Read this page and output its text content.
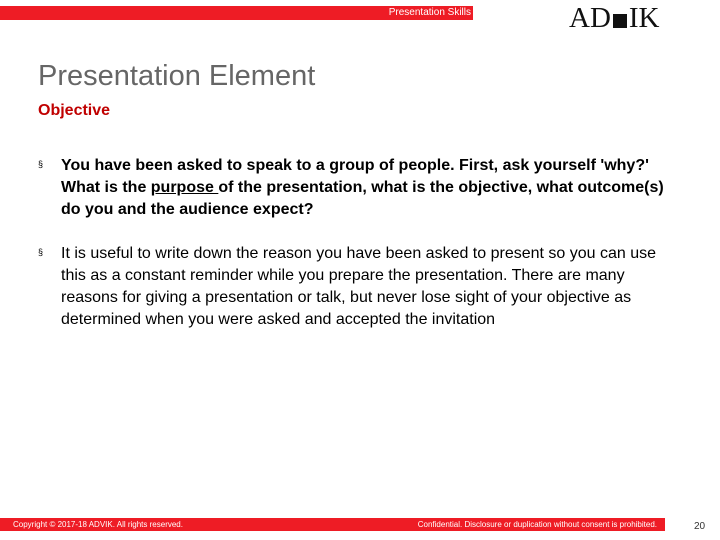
Presentation Skills	AD IK
Presentation Element
Objective
§	You have been asked to speak to a group of people. First, ask yourself 'why?' What is the purpose of the presentation, what is the objective, what outcome(s) do you and the audience expect?
§	It is useful to write down the reason you have been asked to present so you can use this as a constant reminder while you prepare the presentation. There are many reasons for giving a presentation or talk, but never lose sight of your objective as determined when you were asked and accepted the invitation
Copyright © 2017-18 ADVIK. All rights reserved.	Confidential. Disclosure or duplication without consent is prohibited.	20
